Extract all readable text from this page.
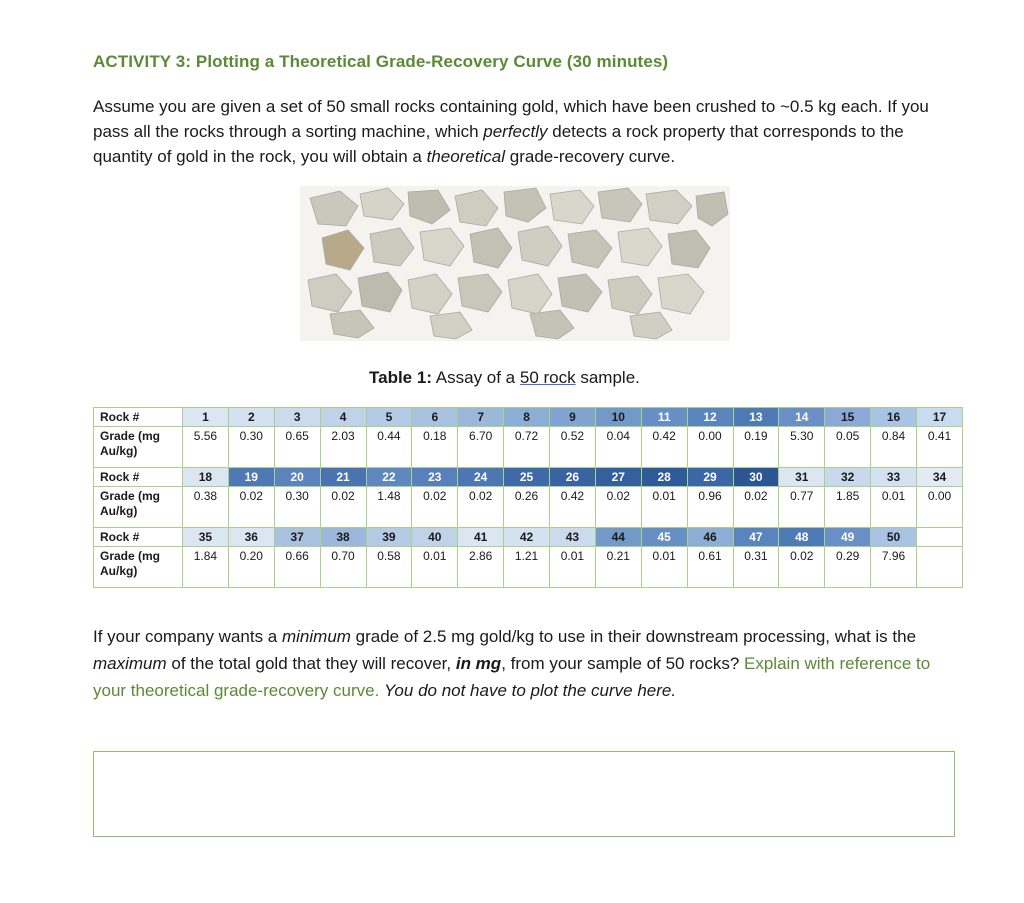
ACTIVITY 3: Plotting a Theoretical Grade-Recovery Curve (30 minutes)

Assume you are given a set of 50 small rocks containing gold, which have been crushed to ~0.5 kg each. If you pass all the rocks through a sorting machine, which perfectly detects a rock property that corresponds to the quantity of gold in the rock, you will obtain a theoretical grade-recovery curve.

Table 1: Assay of a 50 rock sample.

Rock #	1	2	3	4	5	6	7	8	9	10	11	12	13	14	15	16	17
Grade (mg Au/kg)	5.56	0.30	0.65	2.03	0.44	0.18	6.70	0.72	0.52	0.04	0.42	0.00	0.19	5.30	0.05	0.84	0.41
Rock #	18	19	20	21	22	23	24	25	26	27	28	29	30	31	32	33	34
Grade (mg Au/kg)	0.38	0.02	0.30	0.02	1.48	0.02	0.02	0.26	0.42	0.02	0.01	0.96	0.02	0.77	1.85	0.01	0.00
Rock #	35	36	37	38	39	40	41	42	43	44	45	46	47	48	49	50	
Grade (mg Au/kg)	1.84	0.20	0.66	0.70	0.58	0.01	2.86	1.21	0.01	0.21	0.01	0.61	0.31	0.02	0.29	7.96	

If your company wants a minimum grade of 2.5 mg gold/kg to use in their downstream processing, what is the maximum of the total gold that they will recover, in mg, from your sample of 50 rocks? Explain with reference to your theoretical grade-recovery curve. You do not have to plot the curve here.
